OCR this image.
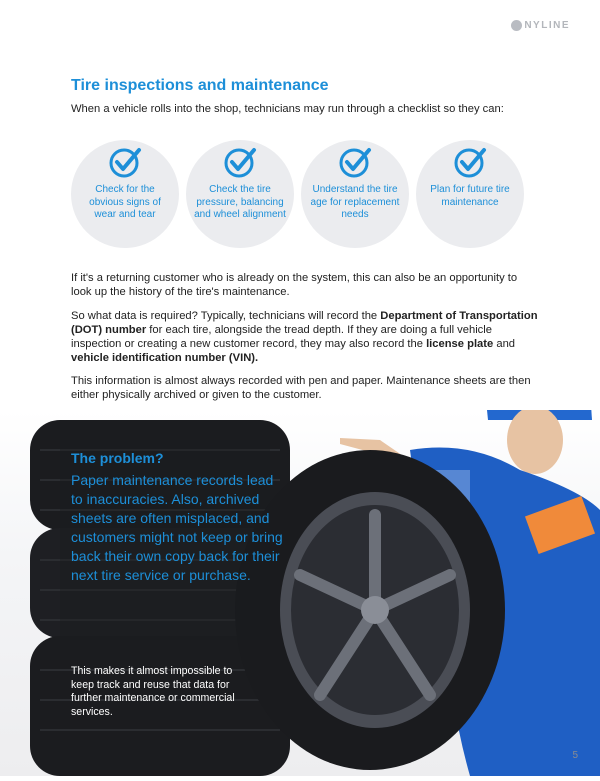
NYLINE
Tire inspections and maintenance

When a vehicle rolls into the shop, technicians may run through a checklist so they can:

Check for the obvious signs of wear and tear
Check the tire pressure, balancing and wheel alignment
Understand the tire age for replacement needs
Plan for future tire maintenance

If it's a returning customer who is already on the system, this can also be an opportunity to look up the history of the tire's maintenance.

So what data is required? Typically, technicians will record the Department of Transportation (DOT) number for each tire, alongside the tread depth. If they are doing a full vehicle inspection or creating a new customer record, they may also record the license plate and vehicle identification number (VIN).

This information is almost always recorded with pen and paper. Maintenance sheets are then either physically archived or given to the customer.

The problem?

Paper maintenance records lead to inaccuracies. Also, archived sheets are often misplaced, and customers might not keep or bring back their own copy back for their next tire service or purchase.

This makes it almost impossible to keep track and reuse that data for further maintenance or commercial services.

5
